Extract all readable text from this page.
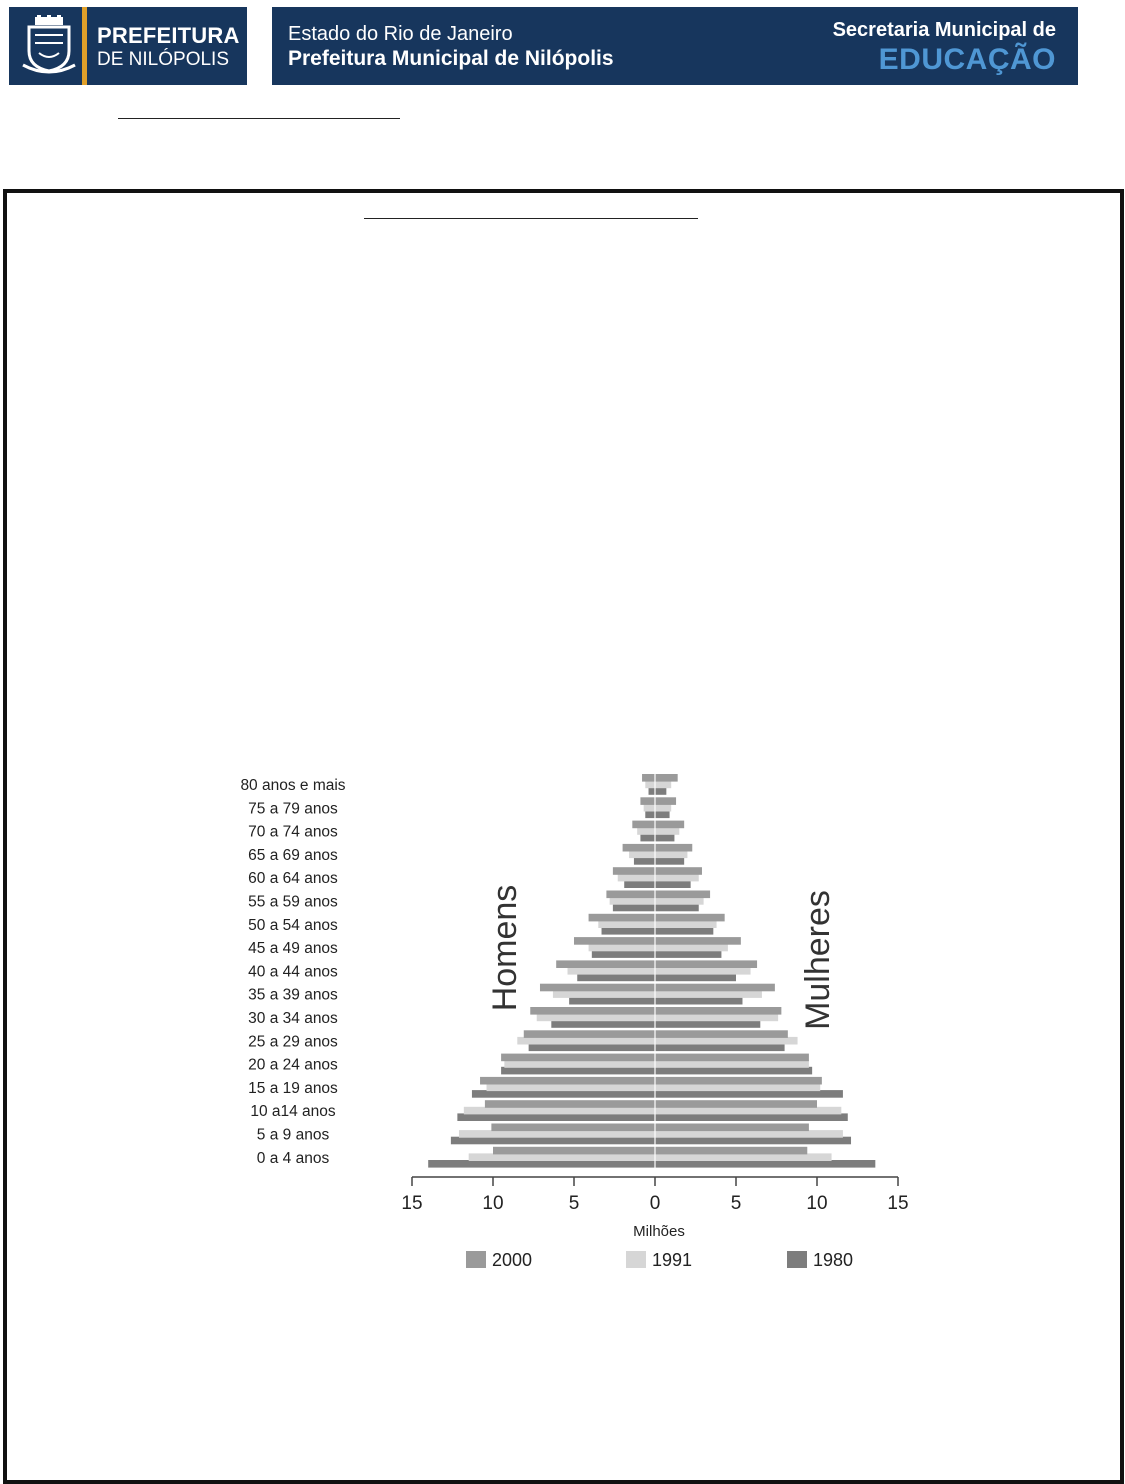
PREFEITURA
DE NILÓPOLIS
Estado do Rio de Janeiro
Prefeitura Municipal de Nilópolis
Secretaria Municipal de
EDUCAÇÃO
80 anos e mais
75 a 79 anos
70 a 74 anos
65 a 69 anos
60 a 64 anos
55 a 59 anos
50 a 54 anos
45 a 49 anos
40 a 44 anos
35 a 39 anos
30 a 34 anos
25 a 29 anos
20 a 24 anos
15 a 19 anos
10 a14 anos
5 a 9 anos
0 a 4 anos
15	10	5	0	5	10	15
Milhões
Homens	Mulheres
2000	1991	1980
